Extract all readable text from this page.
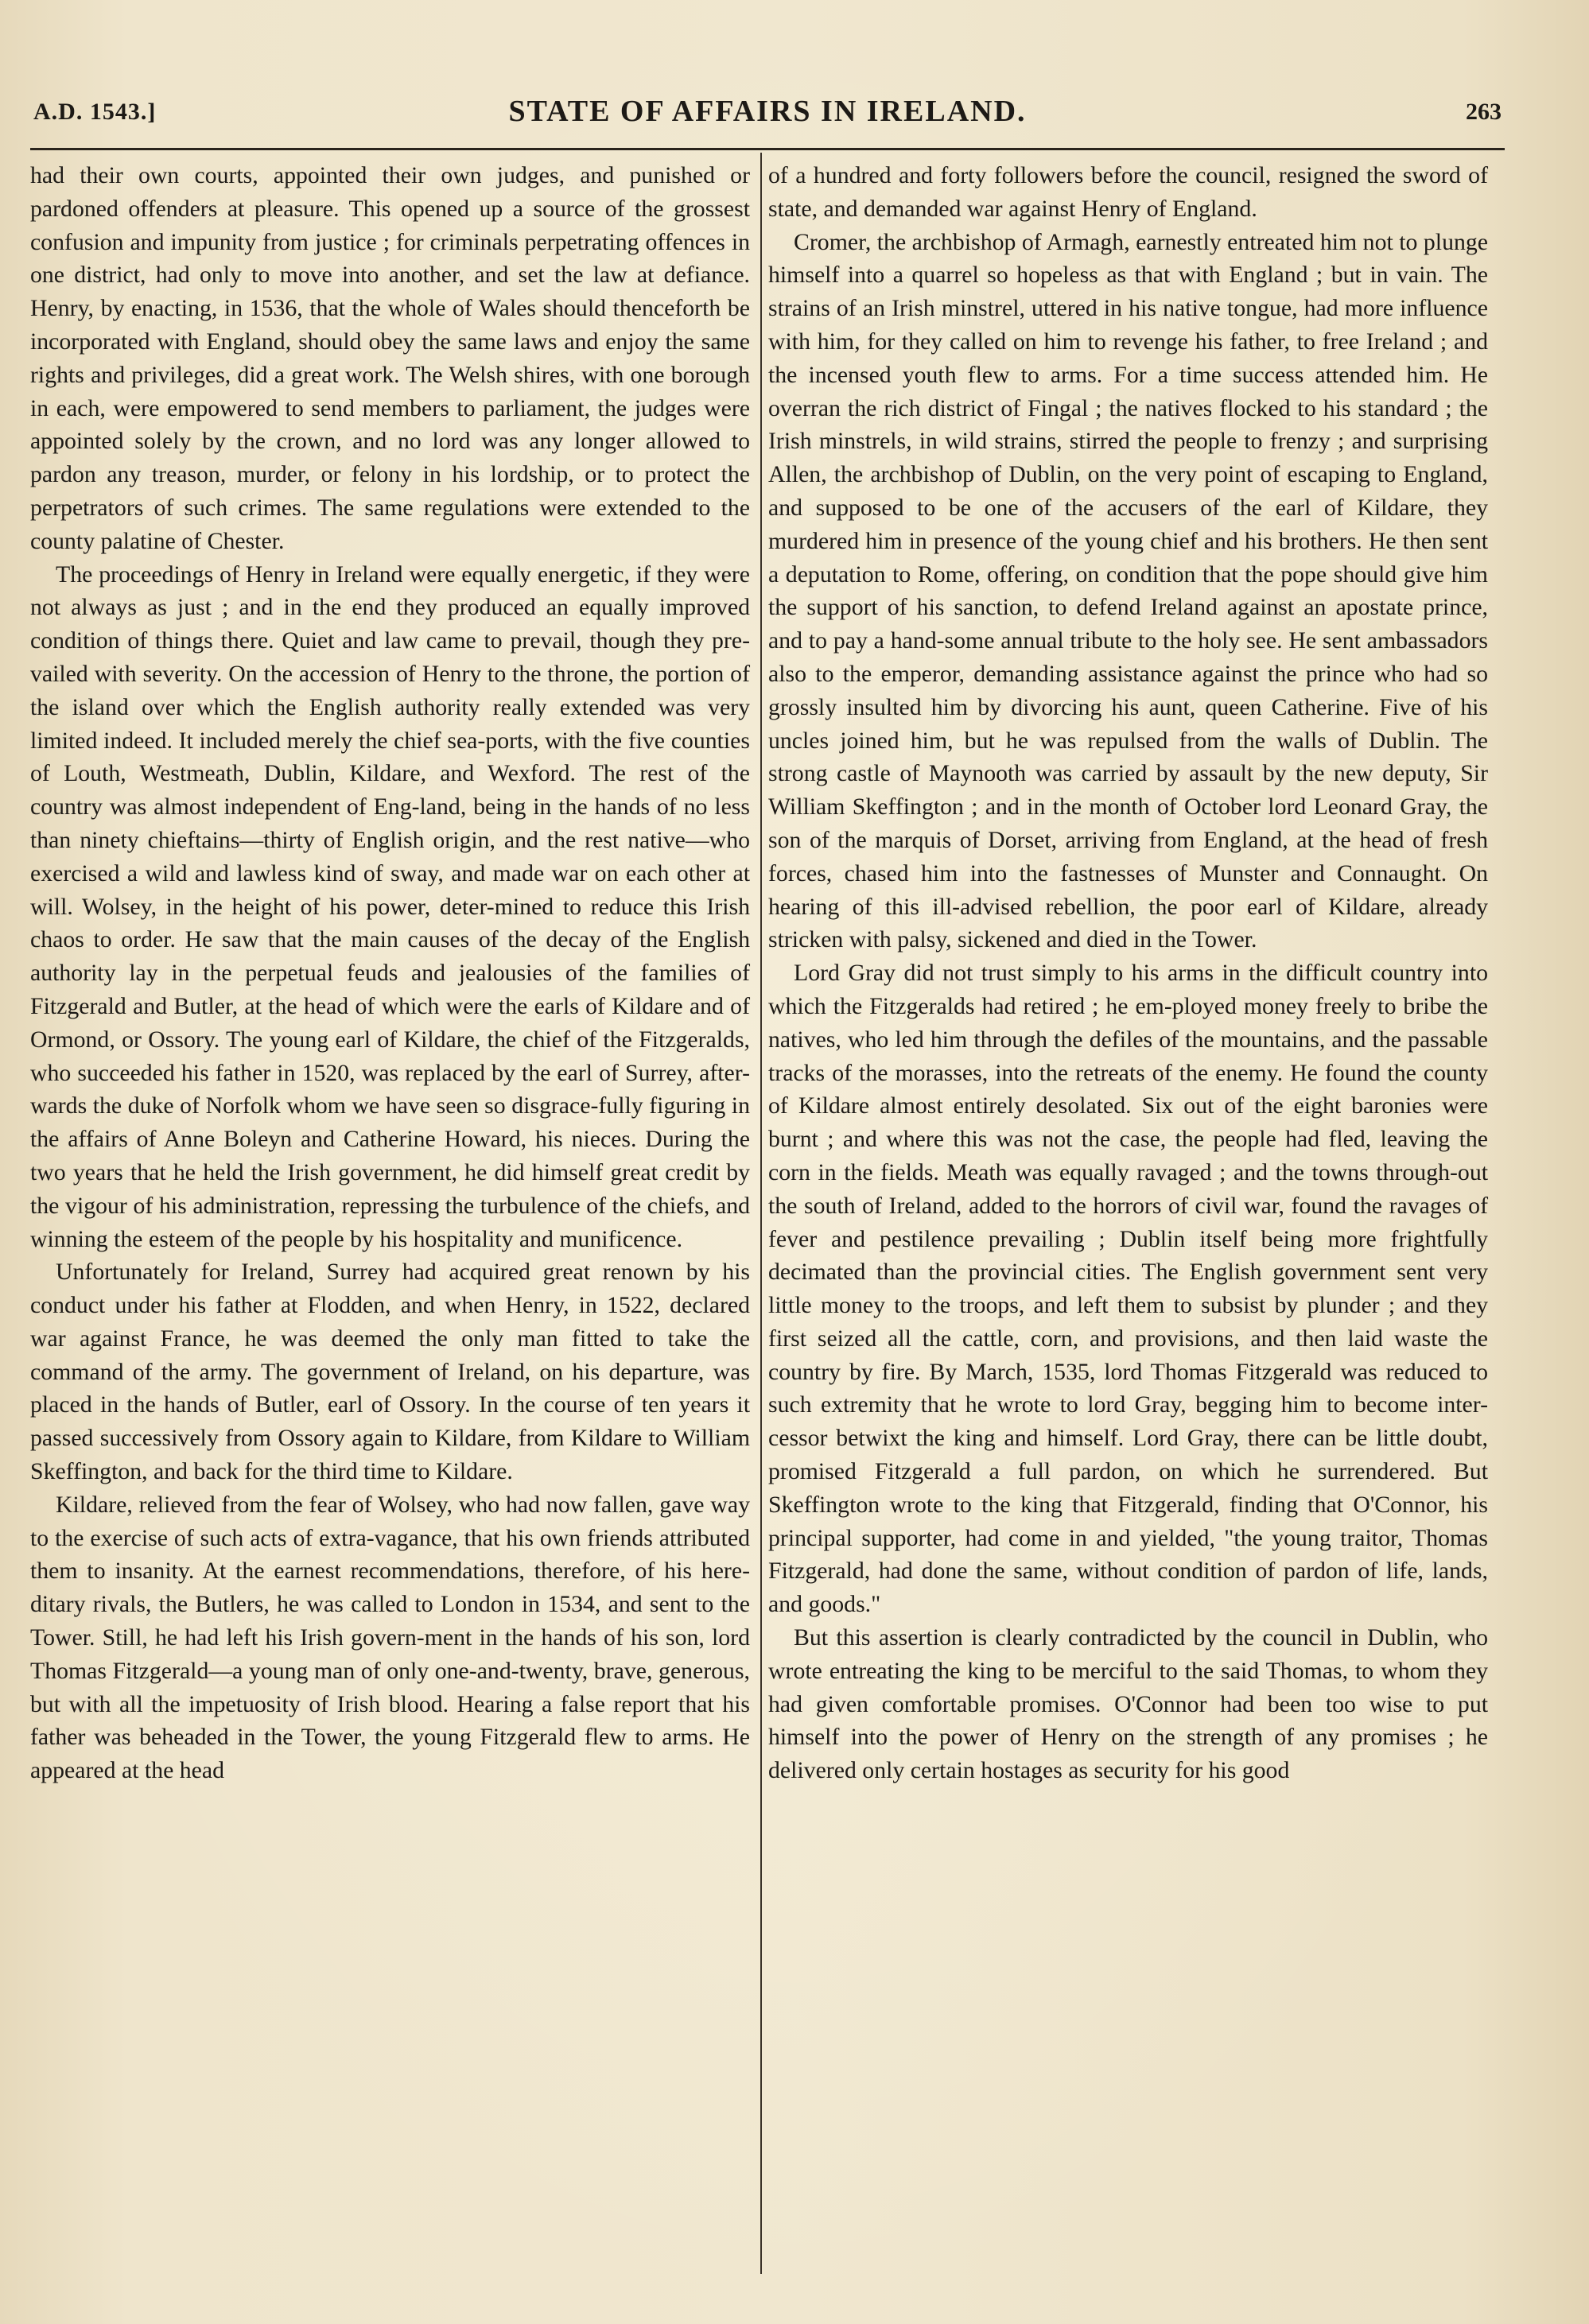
A.D. 1543.]	STATE OF AFFAIRS IN IRELAND.	263

had their own courts, appointed their own judges, and punished or pardoned offenders at pleasure. This opened up a source of the grossest confusion and impunity from justice ; for criminals perpetrating offences in one district, had only to move into another, and set the law at defiance. Henry, by enacting, in 1536, that the whole of Wales should thenceforth be incorporated with England, should obey the same laws and enjoy the same rights and privileges, did a great work. The Welsh shires, with one borough in each, were empowered to send members to parliament, the judges were appointed solely by the crown, and no lord was any longer allowed to pardon any treason, murder, or felony in his lordship, or to protect the perpetrators of such crimes. The same regulations were extended to the county palatine of Chester.

The proceedings of Henry in Ireland were equally energetic, if they were not always as just ; and in the end they produced an equally improved condition of things there. Quiet and law came to prevail, though they pre-vailed with severity. On the accession of Henry to the throne, the portion of the island over which the English authority really extended was very limited indeed. It included merely the chief sea-ports, with the five counties of Louth, Westmeath, Dublin, Kildare, and Wexford. The rest of the country was almost independent of Eng-land, being in the hands of no less than ninety chieftains—thirty of English origin, and the rest native—who exercised a wild and lawless kind of sway, and made war on each other at will. Wolsey, in the height of his power, deter-mined to reduce this Irish chaos to order. He saw that the main causes of the decay of the English authority lay in the perpetual feuds and jealousies of the families of Fitzgerald and Butler, at the head of which were the earls of Kildare and of Ormond, or Ossory. The young earl of Kildare, the chief of the Fitzgeralds, who succeeded his father in 1520, was replaced by the earl of Surrey, after-wards the duke of Norfolk whom we have seen so disgrace-fully figuring in the affairs of Anne Boleyn and Catherine Howard, his nieces. During the two years that he held the Irish government, he did himself great credit by the vigour of his administration, repressing the turbulence of the chiefs, and winning the esteem of the people by his hospitality and munificence.

Unfortunately for Ireland, Surrey had acquired great renown by his conduct under his father at Flodden, and when Henry, in 1522, declared war against France, he was deemed the only man fitted to take the command of the army. The government of Ireland, on his departure, was placed in the hands of Butler, earl of Ossory. In the course of ten years it passed successively from Ossory again to Kildare, from Kildare to William Skeffington, and back for the third time to Kildare.

Kildare, relieved from the fear of Wolsey, who had now fallen, gave way to the exercise of such acts of extra-vagance, that his own friends attributed them to insanity. At the earnest recommendations, therefore, of his here-ditary rivals, the Butlers, he was called to London in 1534, and sent to the Tower. Still, he had left his Irish govern-ment in the hands of his son, lord Thomas Fitzgerald—a young man of only one-and-twenty, brave, generous, but with all the impetuosity of Irish blood. Hearing a false report that his father was beheaded in the Tower, the young Fitzgerald flew to arms. He appeared at the head

of a hundred and forty followers before the council, resigned the sword of state, and demanded war against Henry of England.

Cromer, the archbishop of Armagh, earnestly entreated him not to plunge himself into a quarrel so hopeless as that with England ; but in vain. The strains of an Irish minstrel, uttered in his native tongue, had more influence with him, for they called on him to revenge his father, to free Ireland ; and the incensed youth flew to arms. For a time success attended him. He overran the rich district of Fingal ; the natives flocked to his standard ; the Irish minstrels, in wild strains, stirred the people to frenzy ; and surprising Allen, the archbishop of Dublin, on the very point of escaping to England, and supposed to be one of the accusers of the earl of Kildare, they murdered him in presence of the young chief and his brothers. He then sent a deputation to Rome, offering, on condition that the pope should give him the support of his sanction, to defend Ireland against an apostate prince, and to pay a hand-some annual tribute to the holy see. He sent ambassadors also to the emperor, demanding assistance against the prince who had so grossly insulted him by divorcing his aunt, queen Catherine. Five of his uncles joined him, but he was repulsed from the walls of Dublin. The strong castle of Maynooth was carried by assault by the new deputy, Sir William Skeffington ; and in the month of October lord Leonard Gray, the son of the marquis of Dorset, arriving from England, at the head of fresh forces, chased him into the fastnesses of Munster and Connaught. On hearing of this ill-advised rebellion, the poor earl of Kildare, already stricken with palsy, sickened and died in the Tower.

Lord Gray did not trust simply to his arms in the difficult country into which the Fitzgeralds had retired ; he em-ployed money freely to bribe the natives, who led him through the defiles of the mountains, and the passable tracks of the morasses, into the retreats of the enemy. He found the county of Kildare almost entirely desolated. Six out of the eight baronies were burnt ; and where this was not the case, the people had fled, leaving the corn in the fields. Meath was equally ravaged ; and the towns through-out the south of Ireland, added to the horrors of civil war, found the ravages of fever and pestilence prevailing ; Dublin itself being more frightfully decimated than the provincial cities. The English government sent very little money to the troops, and left them to subsist by plunder ; and they first seized all the cattle, corn, and provisions, and then laid waste the country by fire. By March, 1535, lord Thomas Fitzgerald was reduced to such extremity that he wrote to lord Gray, begging him to become inter-cessor betwixt the king and himself. Lord Gray, there can be little doubt, promised Fitzgerald a full pardon, on which he surrendered. But Skeffington wrote to the king that Fitzgerald, finding that O'Connor, his principal supporter, had come in and yielded, "the young traitor, Thomas Fitzgerald, had done the same, without condition of pardon of life, lands, and goods."

But this assertion is clearly contradicted by the council in Dublin, who wrote entreating the king to be merciful to the said Thomas, to whom they had given comfortable promises. O'Connor had been too wise to put himself into the power of Henry on the strength of any promises ; he delivered only certain hostages as security for his good
